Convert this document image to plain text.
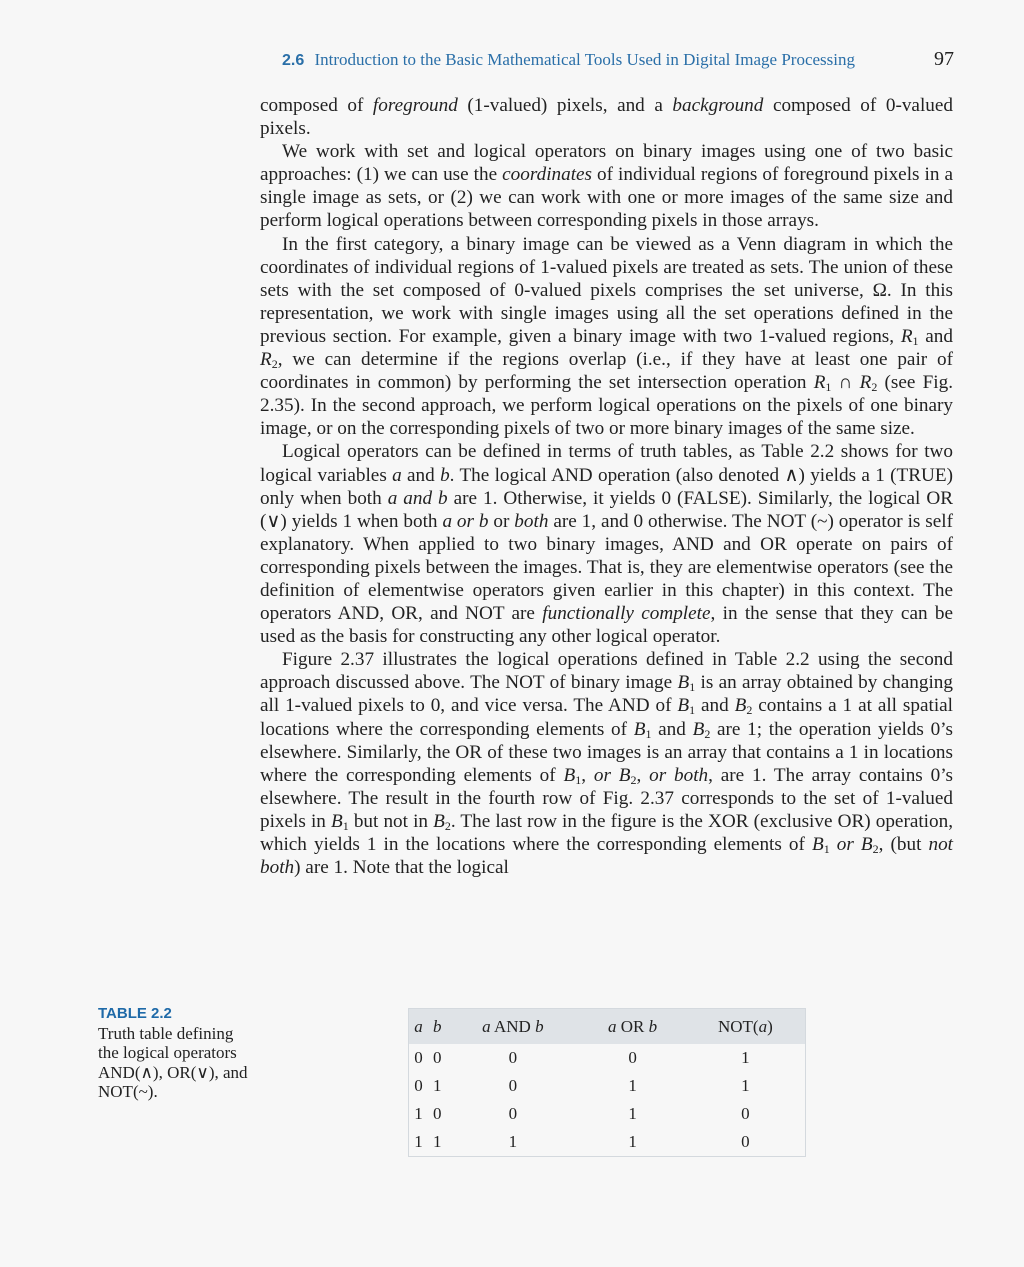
2.6 Introduction to the Basic Mathematical Tools Used in Digital Image Processing	97

composed of foreground (1-valued) pixels, and a background composed of 0-valued pixels.

We work with set and logical operators on binary images using one of two basic approaches: (1) we can use the coordinates of individual regions of foreground pixels in a single image as sets, or (2) we can work with one or more images of the same size and perform logical operations between corresponding pixels in those arrays.

In the first category, a binary image can be viewed as a Venn diagram in which the coordinates of individual regions of 1-valued pixels are treated as sets. The union of these sets with the set composed of 0-valued pixels comprises the set universe, Ω. In this representation, we work with single images using all the set operations defined in the previous section. For example, given a binary image with two 1-valued regions, $R_1$ and $R_2$, we can determine if the regions overlap (i.e., if they have at least one pair of coordinates in common) by performing the set intersection operation $R_1$ ∩ $R_2$ (see Fig. 2.35). In the second approach, we perform logical operations on the pixels of one binary image, or on the corresponding pixels of two or more binary images of the same size.

Logical operators can be defined in terms of truth tables, as Table 2.2 shows for two logical variables a and b. The logical AND operation (also denoted ∧) yields a 1 (TRUE) only when both a and b are 1. Otherwise, it yields 0 (FALSE). Similarly, the logical OR (∨) yields 1 when both a or b or both are 1, and 0 otherwise. The NOT (~) operator is self explanatory. When applied to two binary images, AND and OR operate on pairs of corresponding pixels between the images. That is, they are elementwise operators (see the definition of elementwise operators given earlier in this chapter) in this context. The operators AND, OR, and NOT are functionally complete, in the sense that they can be used as the basis for constructing any other logical operator.

Figure 2.37 illustrates the logical operations defined in Table 2.2 using the second approach discussed above. The NOT of binary image $B_1$ is an array obtained by changing all 1-valued pixels to 0, and vice versa. The AND of $B_1$ and $B_2$ contains a 1 at all spatial locations where the corresponding elements of $B_1$ and $B_2$ are 1; the operation yields 0’s elsewhere. Similarly, the OR of these two images is an array that contains a 1 in locations where the corresponding elements of $B_1$, or $B_2$, or both, are 1. The array contains 0’s elsewhere. The result in the fourth row of Fig. 2.37 corresponds to the set of 1-valued pixels in $B_1$ but not in $B_2$. The last row in the figure is the XOR (exclusive OR) operation, which yields 1 in the locations where the corresponding elements of $B_1$ or $B_2$, (but not both) are 1. Note that the logical

TABLE 2.2
Truth table defining the logical operators AND(∧), OR(∨), and NOT(~).
a	b	a AND b	a OR b	NOT(a)
0	0	0	0	1
0	1	0	1	1
1	0	0	1	0
1	1	1	1	0
